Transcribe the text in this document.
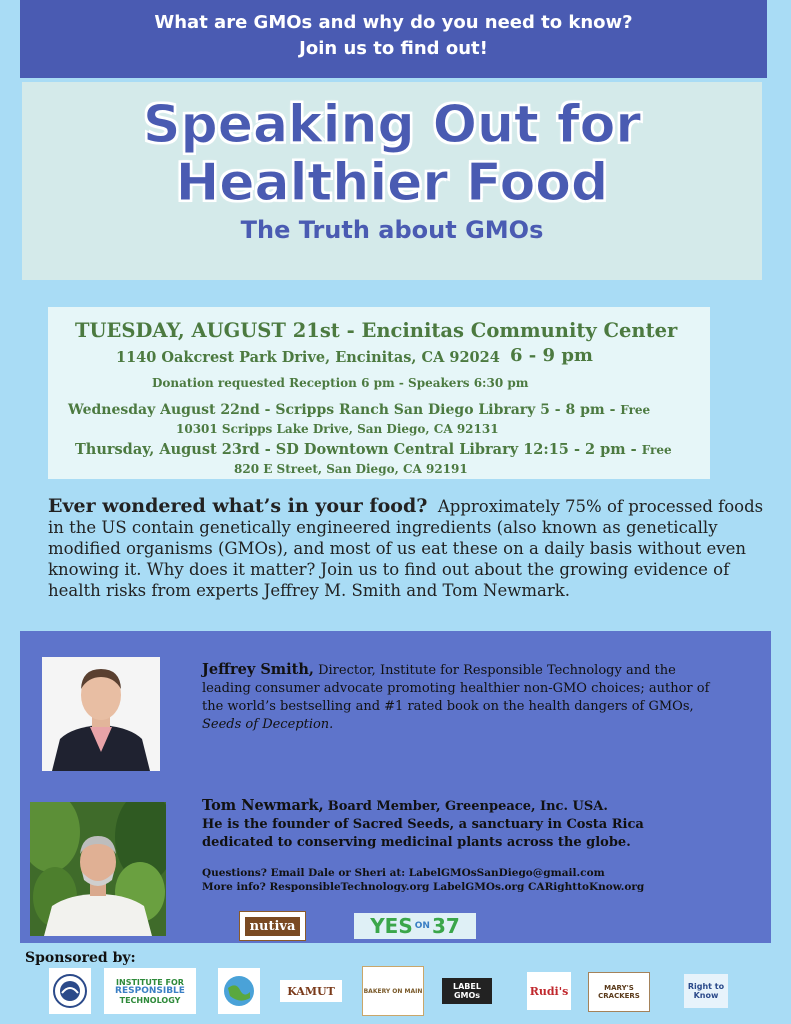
What are GMOs and why do you need to know?
Join us to find out!
Speaking Out for
Healthier Food
The Truth about GMOs
TUESDAY, AUGUST 21st - Encinitas Community Center
1140 Oakcrest Park Drive, Encinitas, CA 92024 6 - 9 pm
Donation requested Reception 6 pm - Speakers 6:30 pm
Wednesday August 22nd - Scripps Ranch San Diego Library 5 - 8 pm - Free
10301 Scripps Lake Drive, San Diego, CA 92131
Thursday, August 23rd - SD Downtown Central Library 12:15 - 2 pm - Free
820 E Street, San Diego, CA 92191
Ever wondered what’s in your food? Approximately 75% of processed foods in the US contain genetically engineered ingredients (also known as genetically modified organisms (GMOs), and most of us eat these on a daily basis without even knowing it. Why does it matter? Join us to find out about the growing evidence of health risks from experts Jeffrey M. Smith and Tom Newmark.
Jeffrey Smith, Director, Institute for Responsible Technology and the leading consumer advocate promoting healthier non-GMO choices; author of the world’s bestselling and #1 rated book on the health dangers of GMOs, Seeds of Deception.
Tom Newmark, Board Member, Greenpeace, Inc. USA.
He is the founder of Sacred Seeds, a sanctuary in Costa Rica dedicated to conserving medicinal plants across the globe.
nutiva	YES ON 37
Questions? Email Dale or Sheri at: LabelGMOsSanDiego@gmail.com
More info? ResponsibleTechnology.org LabelGMOs.org CARighttoKnow.org
Sponsored by:
INSTITUTE FOR
RESPONSIBLE
TECHNOLOGY
KAMUT	BAKERY ON MAIN	LABEL GMOs	Rudi's	MARY'S CRACKERS
Right to Know
